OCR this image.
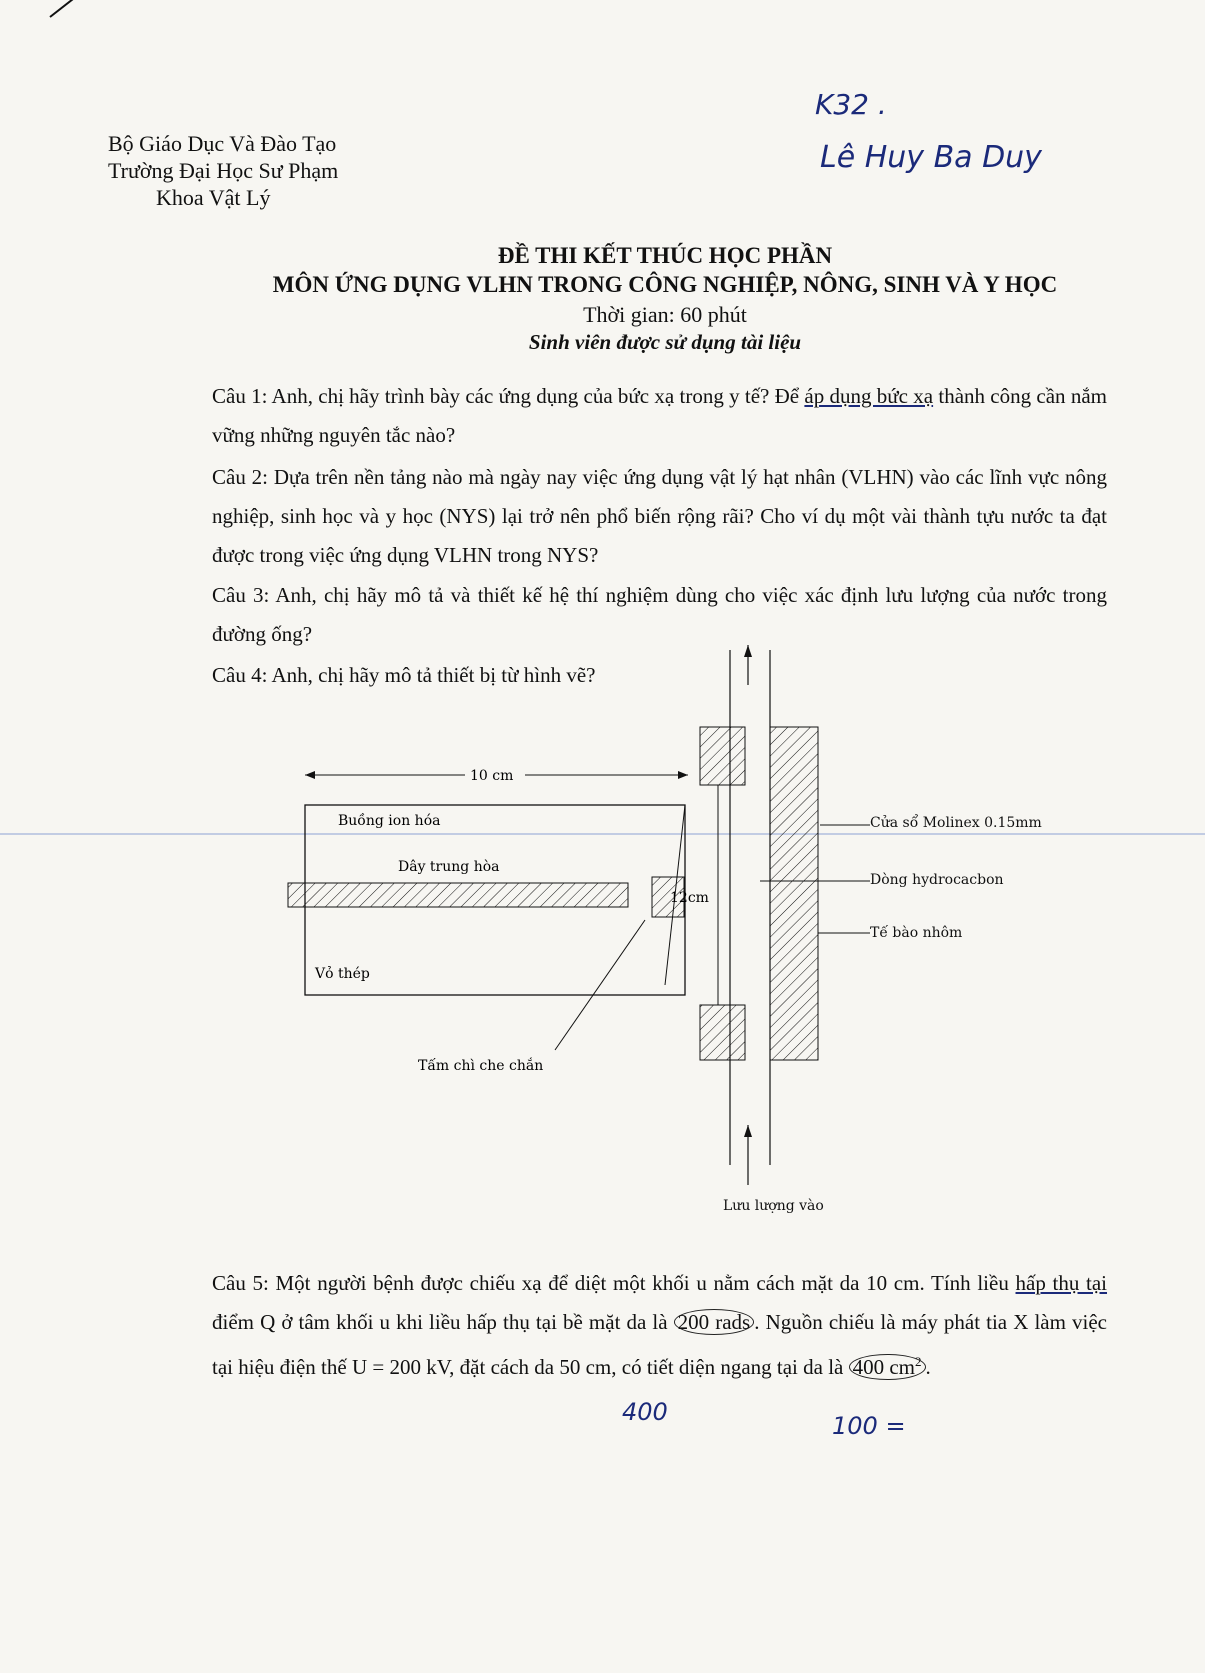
Bộ Giáo Dục Và Đào Tạo
Trường Đại Học Sư Phạm
Khoa Vật Lý
K32 .
Lê Huy Ba Duy
ĐỀ THI KẾT THÚC HỌC PHẦN
MÔN ỨNG DỤNG VLHN TRONG CÔNG NGHIỆP, NÔNG, SINH VÀ Y HỌC
Thời gian: 60 phút
Sinh viên được sử dụng tài liệu
Câu 1: Anh, chị hãy trình bày các ứng dụng của bức xạ trong y tế? Để áp dụng bức xạ thành công cần nắm vững những nguyên tắc nào?
Câu 2: Dựa trên nền tảng nào mà ngày nay việc ứng dụng vật lý hạt nhân (VLHN) vào các lĩnh vực nông nghiệp, sinh học và y học (NYS) lại trở nên phổ biến rộng rãi? Cho ví dụ một vài thành tựu nước ta đạt được trong việc ứng dụng VLHN trong NYS?
Câu 3: Anh, chị hãy mô tả và thiết kế hệ thí nghiệm dùng cho việc xác định lưu lượng của nước trong đường ống?
Câu 4: Anh, chị hãy mô tả thiết bị từ hình vẽ?
10 cm
Buồng ion hóa
Dây trung hòa
Vỏ thép
12cm
Tấm chì che chắn
Cửa sổ Molinex 0.15mm
Dòng hydrocacbon
Tế bào nhôm
Lưu lượng vào
Câu 5: Một người bệnh được chiếu xạ để diệt một khối u nằm cách mặt da 10 cm. Tính liều hấp thụ tại điểm Q ở tâm khối u khi liều hấp thụ tại bề mặt da là 200 rads . Nguồn chiếu là máy phát tia X làm việc tại hiệu điện thế U = 200 kV, đặt cách da 50 cm, có tiết diện ngang tại da là 400 $cm^2$ .
400	100 =
